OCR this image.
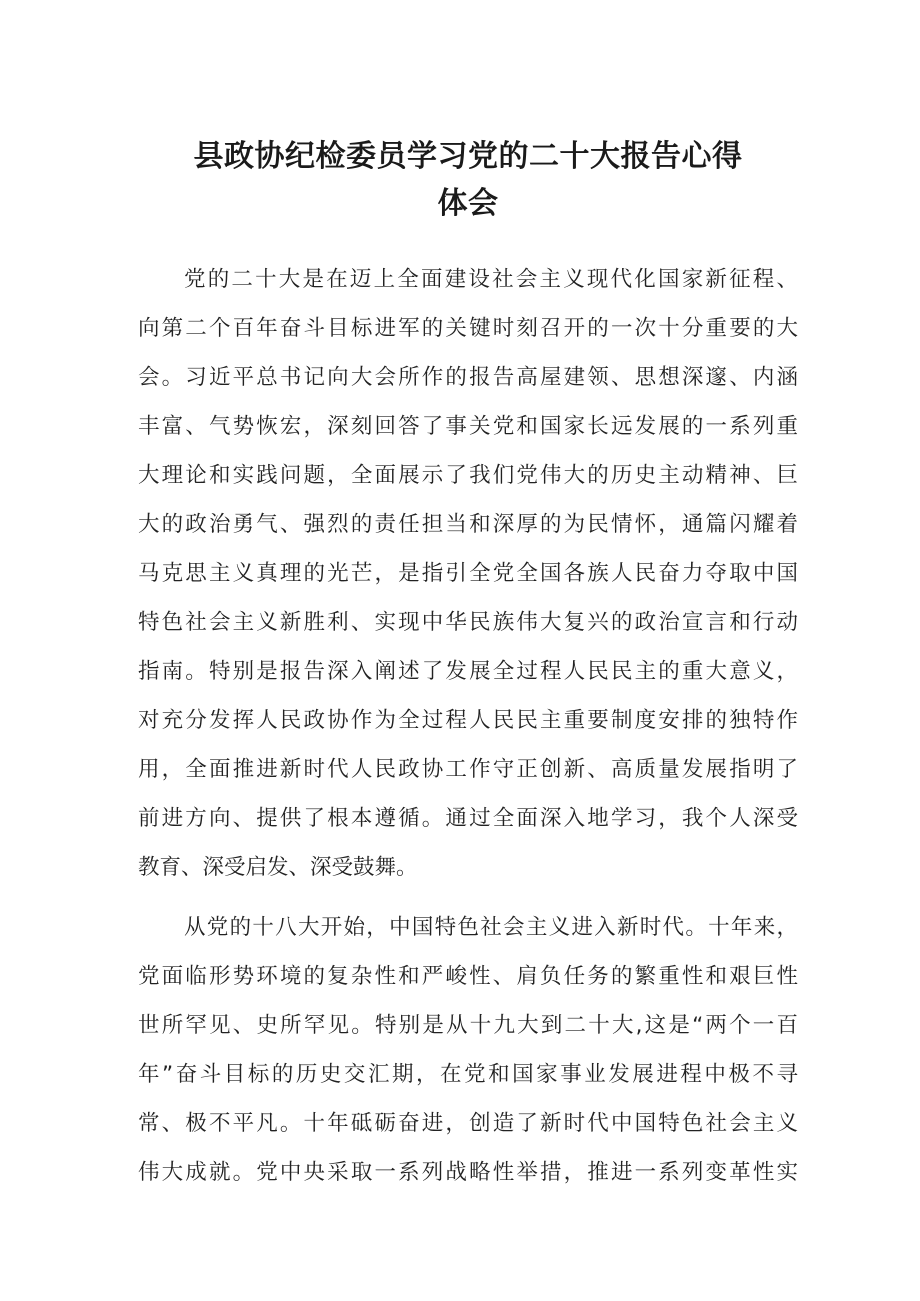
县政协纪检委员学习党的二十大报告心得
体会
党的二十大是在迈上全面建设社会主义现代化国家新征程、
向第二个百年奋斗目标进军的关键时刻召开的一次十分重要的大
会。习近平总书记向大会所作的报告高屋建领、思想深邃、内涵
丰富、气势恢宏，深刻回答了事关党和国家长远发展的一系列重
大理论和实践问题，全面展示了我们党伟大的历史主动精神、巨
大的政治勇气、强烈的责任担当和深厚的为民情怀，通篇闪耀着
马克思主义真理的光芒，是指引全党全国各族人民奋力夺取中国
特色社会主义新胜利、实现中华民族伟大复兴的政治宣言和行动
指南。特别是报告深入阐述了发展全过程人民民主的重大意义，
对充分发挥人民政协作为全过程人民民主重要制度安排的独特作
用，全面推进新时代人民政协工作守正创新、高质量发展指明了
前进方向、提供了根本遵循。通过全面深入地学习，我个人深受
教育、深受启发、深受鼓舞。
从党的十八大开始，中国特色社会主义进入新时代。十年来，
党面临形势环境的复杂性和严峻性、肩负任务的繁重性和艰巨性
世所罕见、史所罕见。特别是从十九大到二十大,这是“两个一百
年”奋斗目标的历史交汇期，在党和国家事业发展进程中极不寻
常、极不平凡。十年砥砺奋进，创造了新时代中国特色社会主义
伟大成就。党中央采取一系列战略性举措，推进一系列变革性实
